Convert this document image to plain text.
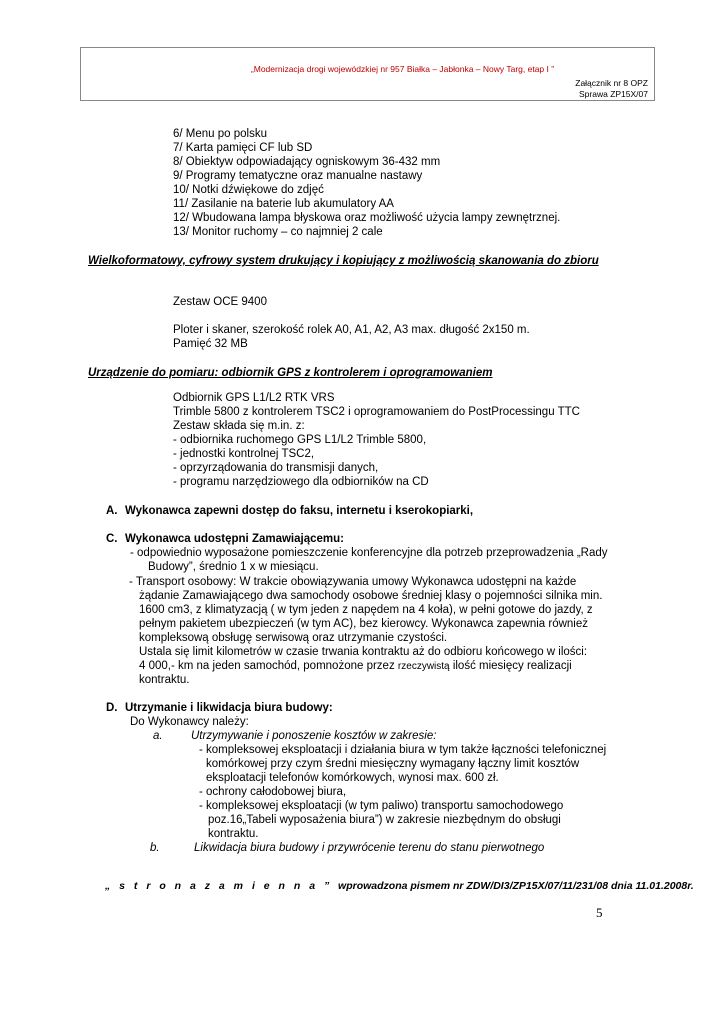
„Modernizacja drogi wojewódzkiej nr 957 Białka – Jabłonka – Nowy Targ, etap I ”
Załącznik nr 8 OPZ
Sprawa ZP15X/07
6/ Menu po polsku
7/ Karta pamięci CF lub SD
8/ Obiektyw odpowiadający ogniskowym 36-432 mm
9/ Programy tematyczne oraz manualne nastawy
10/ Notki dźwiękowe do zdjęć
11/ Zasilanie na baterie lub akumulatory AA
12/ Wbudowana lampa błyskowa oraz możliwość użycia lampy zewnętrznej.
13/ Monitor ruchomy – co najmniej 2 cale
Wielkoformatowy, cyfrowy system drukujący i kopiujący z możliwością skanowania do zbioru
Zestaw OCE 9400
Ploter i skaner, szerokość rolek A0, A1, A2, A3 max. długość 2x150 m.
Pamięć 32 MB
Urządzenie do pomiaru: odbiornik GPS z kontrolerem i oprogramowaniem
Odbiornik GPS L1/L2 RTK VRS
Trimble 5800 z kontrolerem TSC2 i oprogramowaniem do PostProcessingu TTC
Zestaw składa się m.in. z:
- odbiornika ruchomego GPS L1/L2 Trimble 5800,
- jednostki kontrolnej TSC2,
- oprzyrządowania do transmisji danych,
- programu narzędziowego dla odbiorników na CD
A. Wykonawca zapewni dostęp do faksu, internetu i kserokopiarki,
C. Wykonawca udostępni Zamawiającemu:
- odpowiednio wyposażone pomieszczenie konferencyjne dla potrzeb przeprowadzenia „Rady
Budowy”, średnio 1 x w miesiącu.
- Transport osobowy: W trakcie obowiązywania umowy Wykonawca udostępni na każde
żądanie Zamawiającego dwa samochody osobowe średniej klasy o pojemności silnika min.
1600 cm3, z klimatyzacją ( w tym jeden z napędem na 4 koła), w pełni gotowe do jazdy, z
pełnym pakietem ubezpieczeń (w tym AC), bez kierowcy. Wykonawca zapewnia również
kompleksową obsługę serwisową oraz utrzymanie czystości.
Ustala się limit kilometrów w czasie trwania kontraktu aż do odbioru końcowego w ilości:
4 000,- km na jeden samochód, pomnożone przez rzeczywistą ilość miesięcy realizacji
kontraktu.
D. Utrzymanie i likwidacja biura budowy:
Do Wykonawcy należy:
a. Utrzymywanie i ponoszenie kosztów w zakresie:
- kompleksowej eksploatacji i działania biura w tym także łączności telefonicznej
komórkowej przy czym średni miesięczny wymagany łączny limit kosztów
eksploatacji telefonów komórkowych, wynosi max. 600 zł.
- ochrony całodobowej biura,
- kompleksowej eksploatacji (w tym paliwo) transportu samochodowego
poz.16„Tabeli wyposażenia biura”) w zakresie niezbędnym do obsługi
kontraktu.
b.	Likwidacja biura budowy i przywrócenie terenu do stanu pierwotnego
„ s t r o n a z a m i e n n a ” wprowadzona pismem nr ZDW/DI3/ZP15X/07/11/231/08 dnia 11.01.2008r.
5
